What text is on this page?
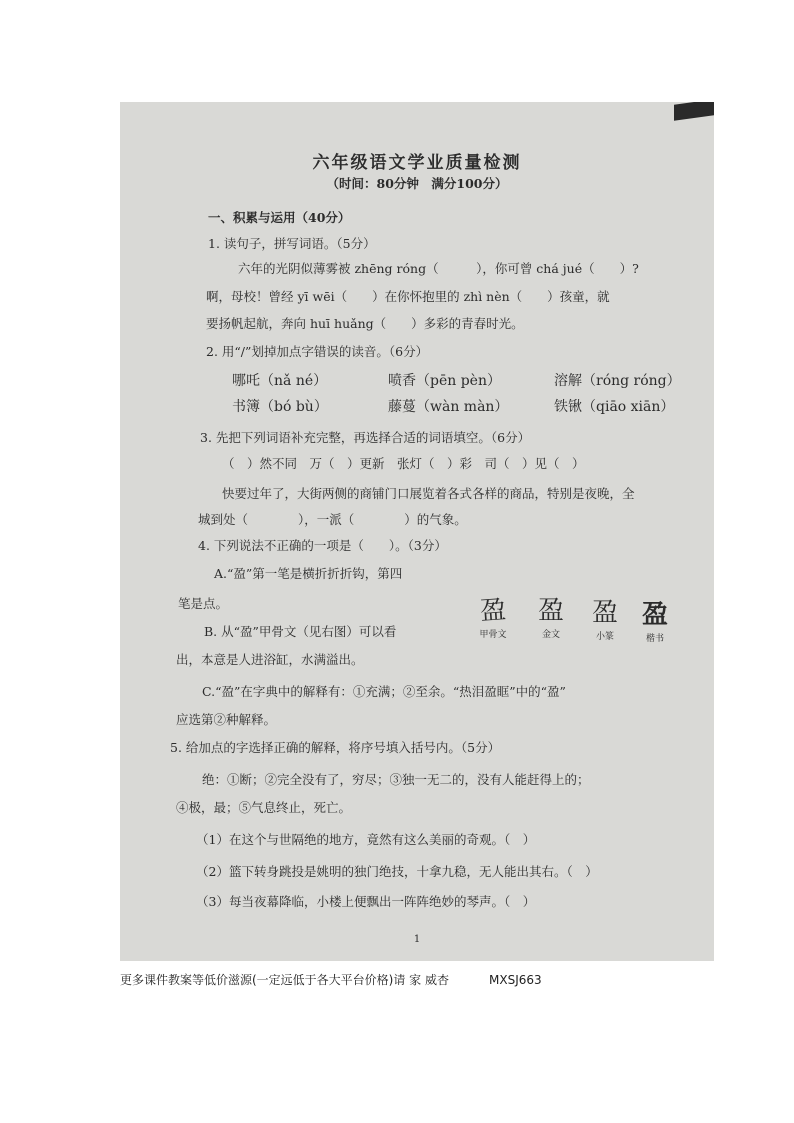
六年级语文学业质量检测
（时间：80分钟　满分100分）
一、积累与运用（40分）
1. 读句子，拼写词语。（5分）
六年的光阴似薄雾被 zhēng róng（　　　），你可曾 chá jué（　　）?
啊，母校！曾经 yī wēi（　　）在你怀抱里的 zhì nèn（　　）孩童，就
要扬帆起航，奔向 huī huǎng（　　）多彩的青春时光。
2. 用“/”划掉加点字错误的读音。（6分）
哪吒（nǎ né）	喷香（pēn pèn）	溶解（róng róng）
书簿（bó bù）	藤蔓（wàn màn）	铁锹（qiāo xiān）
3. 先把下列词语补充完整，再选择合适的词语填空。（6分）
（　）然不同　万（　）更新　张灯（　）彩　司（　）见（　）
快要过年了，大街两侧的商铺门口展览着各式各样的商品，特别是夜晚，全
城到处（　　　　），一派（　　　　）的气象。
4. 下列说法不正确的一项是（　　）。（3分）
A.“盈”第一笔是横折折折钩，第四
笔是点。
B. 从“盈”甲骨文（见右图）可以看
出，本意是人进浴缸，水满溢出。
C.“盈”在字典中的解释有：①充满；②至余。“热泪盈眶”中的“盈”
应选第②种解释。
5. 给加点的字选择正确的解释，将序号填入括号内。（5分）
绝：①断；②完全没有了，穷尽；③独一无二的，没有人能赶得上的；
④极，最；⑤气息终止，死亡。
（1）在这个与世隔绝的地方，竟然有这么美丽的奇观。（　）
（2）篮下转身跳投是姚明的独门绝技，十拿九稳，无人能出其右。（　）
（3）每当夜幕降临，小楼上便飘出一阵阵绝妙的琴声。（　）
1
盈
甲骨文
盈
金文
盈
小篆
盈
楷书
更多课件教案等低价滋源(一定远低于各大平台价格)请 家 威杏	MXSJ663
